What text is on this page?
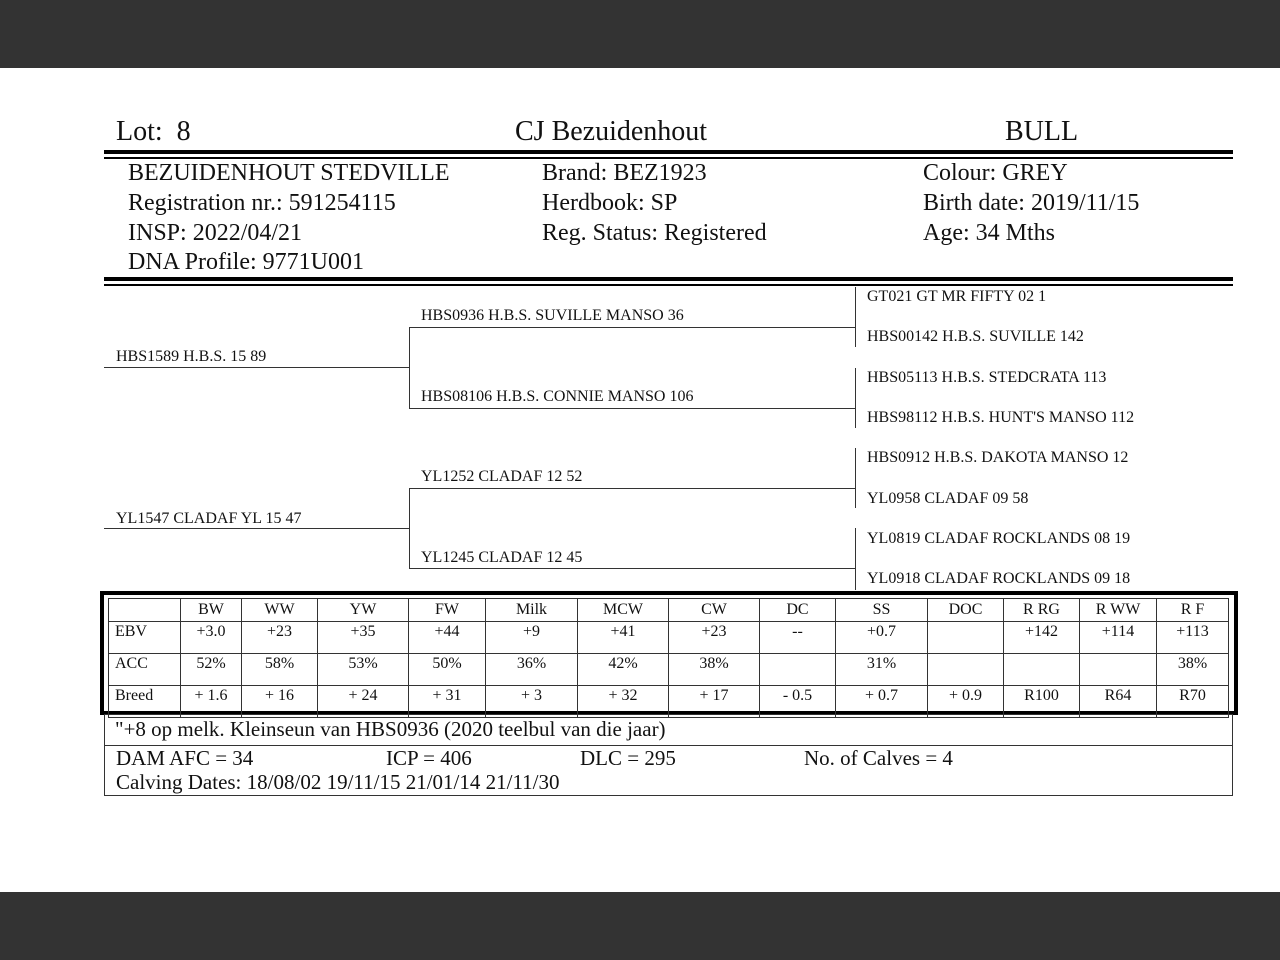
Lot: 8	CJ Bezuidenhout	BULL
BEZUIDENHOUT STEDVILLE
Registration nr.: 591254115
INSP: 2022/04/21
DNA Profile: 9771U001
Brand: BEZ1923
Herdbook: SP
Reg. Status: Registered
Colour: GREY
Birth date: 2019/11/15
Age: 34 Mths
HBS1589 H.B.S. 15 89
YL1547 CLADAF YL 15 47
HBS0936 H.B.S. SUVILLE MANSO 36
HBS08106 H.B.S. CONNIE MANSO 106
YL1252 CLADAF 12 52
YL1245 CLADAF 12 45
GT021 GT MR FIFTY 02 1
HBS00142 H.B.S. SUVILLE 142
HBS05113 H.B.S. STEDCRATA 113
HBS98112 H.B.S. HUNT'S MANSO 112
HBS0912 H.B.S. DAKOTA MANSO 12
YL0958 CLADAF 09 58
YL0819 CLADAF ROCKLANDS 08 19
YL0918 CLADAF ROCKLANDS 09 18
	BW	WW	YW	FW	Milk	MCW	CW	DC	SS	DOC	R RG	R WW	R F
EBV	+3.0	+23	+35	+44	+9	+41	+23	--	+0.7		+142	+114	+113
ACC	52%	58%	53%	50%	36%	42%	38%		31%				38%
Breed	+ 1.6	+ 16	+ 24	+ 31	+ 3	+ 32	+ 17	- 0.5	+ 0.7	+ 0.9	R100	R64	R70
"+8 op melk. Kleinseun van HBS0936 (2020 teelbul van die jaar)
DAM AFC = 34	ICP = 406	DLC = 295	No. of Calves = 4
Calving Dates: 18/08/02 19/11/15 21/01/14 21/11/30
